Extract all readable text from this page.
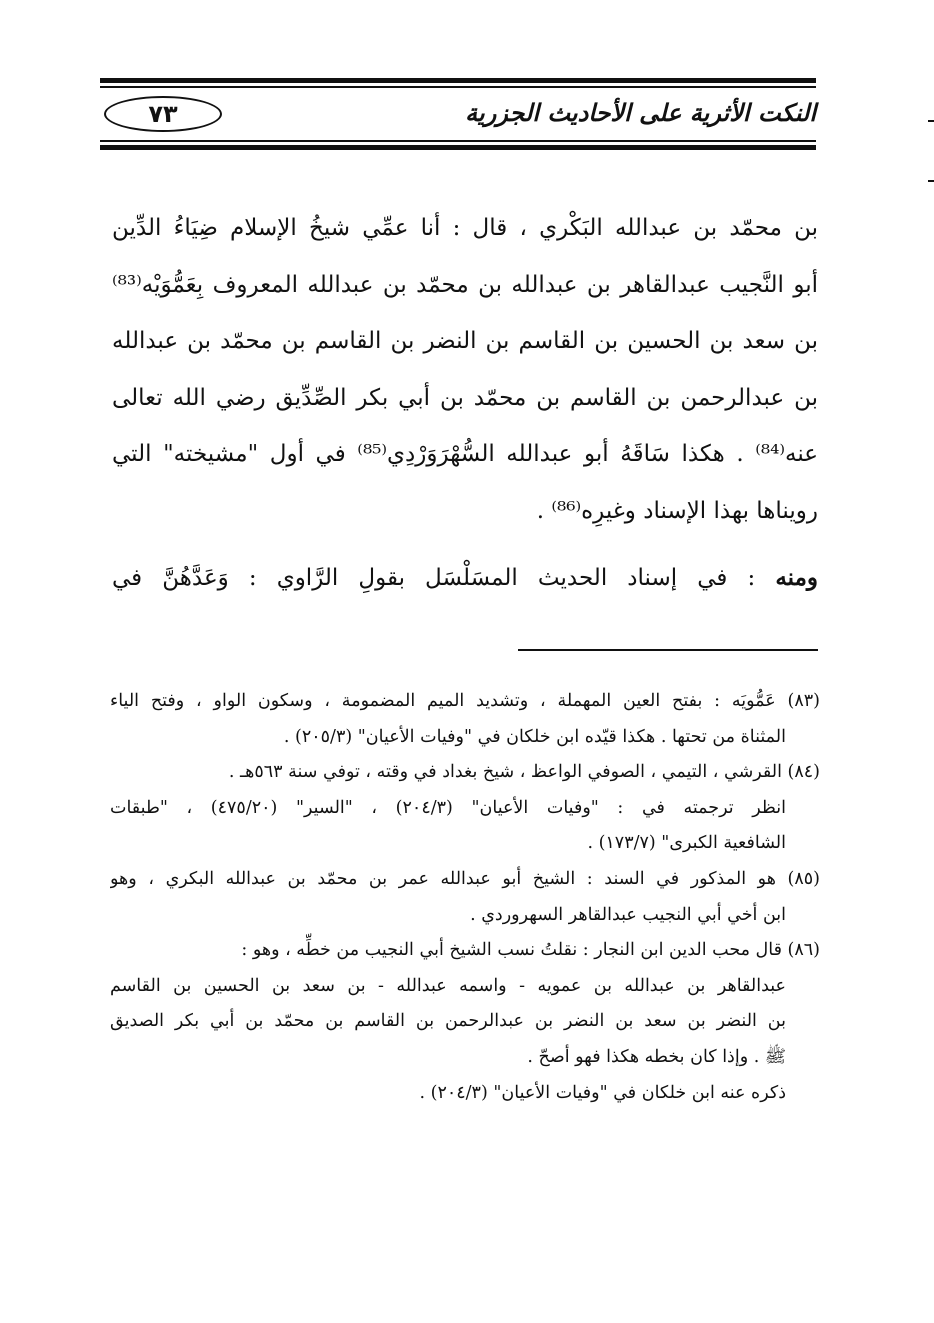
النكت الأثرية على الأحاديث الجزرية
٧٣
بن محمّد بن عبدالله البَكْري ، قال : أنا عمِّي شيخُ الإسلام ضِيَاءُ الدِّين
أبو النَّجيب عبدالقاهر بن عبدالله بن محمّد بن عبدالله المعروف بِعَمُّوَيْه⁽⁸³⁾
بن سعد بن الحسين بن القاسم بن النضر بن القاسم بن محمّد بن عبدالله
بن عبدالرحمن بن القاسم بن محمّد بن أبي بكر الصِّدِّيق رضي الله تعالى
عنه⁽⁸⁴⁾ . هكذا سَاقَهُ أبو عبدالله السُّهْرَوَرْدِي⁽⁸⁵⁾ في أول "مشيخته" التي
رويناها بهذا الإسناد وغيرِه⁽⁸⁶⁾ .
ومنه : في إسناد الحديث المسَلْسَل بقولِ الرَّاوي : وَعَدَّهُنَّ في
(٨٣) عَمُّويَه : بفتح العين المهملة ، وتشديد الميم المضمومة ، وسكون الواو ، وفتح الياء
المثناة من تحتها . هكذا قيّده ابن خلكان في "وفيات الأعيان" (٢٠٥/٣) .
(٨٤) القرشي ، التيمي ، الصوفي الواعظ ، شيخ بغداد في وقته ، توفي سنة ٥٦٣هـ .
انظر ترجمته في : "وفيات الأعيان" (٢٠٤/٣) ، "السير" (٤٧٥/٢٠) ، "طبقات
الشافعية الكبرى" (١٧٣/٧) .
(٨٥) هو المذكور في السند : الشيخ أبو عبدالله عمر بن محمّد بن عبدالله البكري ، وهو
ابن أخي أبي النجيب عبدالقاهر السهروردي .
(٨٦) قال محب الدين ابن النجار : نقلتُ نسب الشيخ أبي النجيب من خطِّه ، وهو :
عبدالقاهر بن عبدالله بن عمويه - واسمه عبدالله - بن سعد بن الحسين بن القاسم
بن النضر بن سعد بن النضر بن عبدالرحمن بن القاسم بن محمّد بن أبي بكر الصديق
ﷺ . وإذا كان بخطه هكذا فهو أصحّ .
ذكره عنه ابن خلكان في "وفيات الأعيان" (٢٠٤/٣) .
